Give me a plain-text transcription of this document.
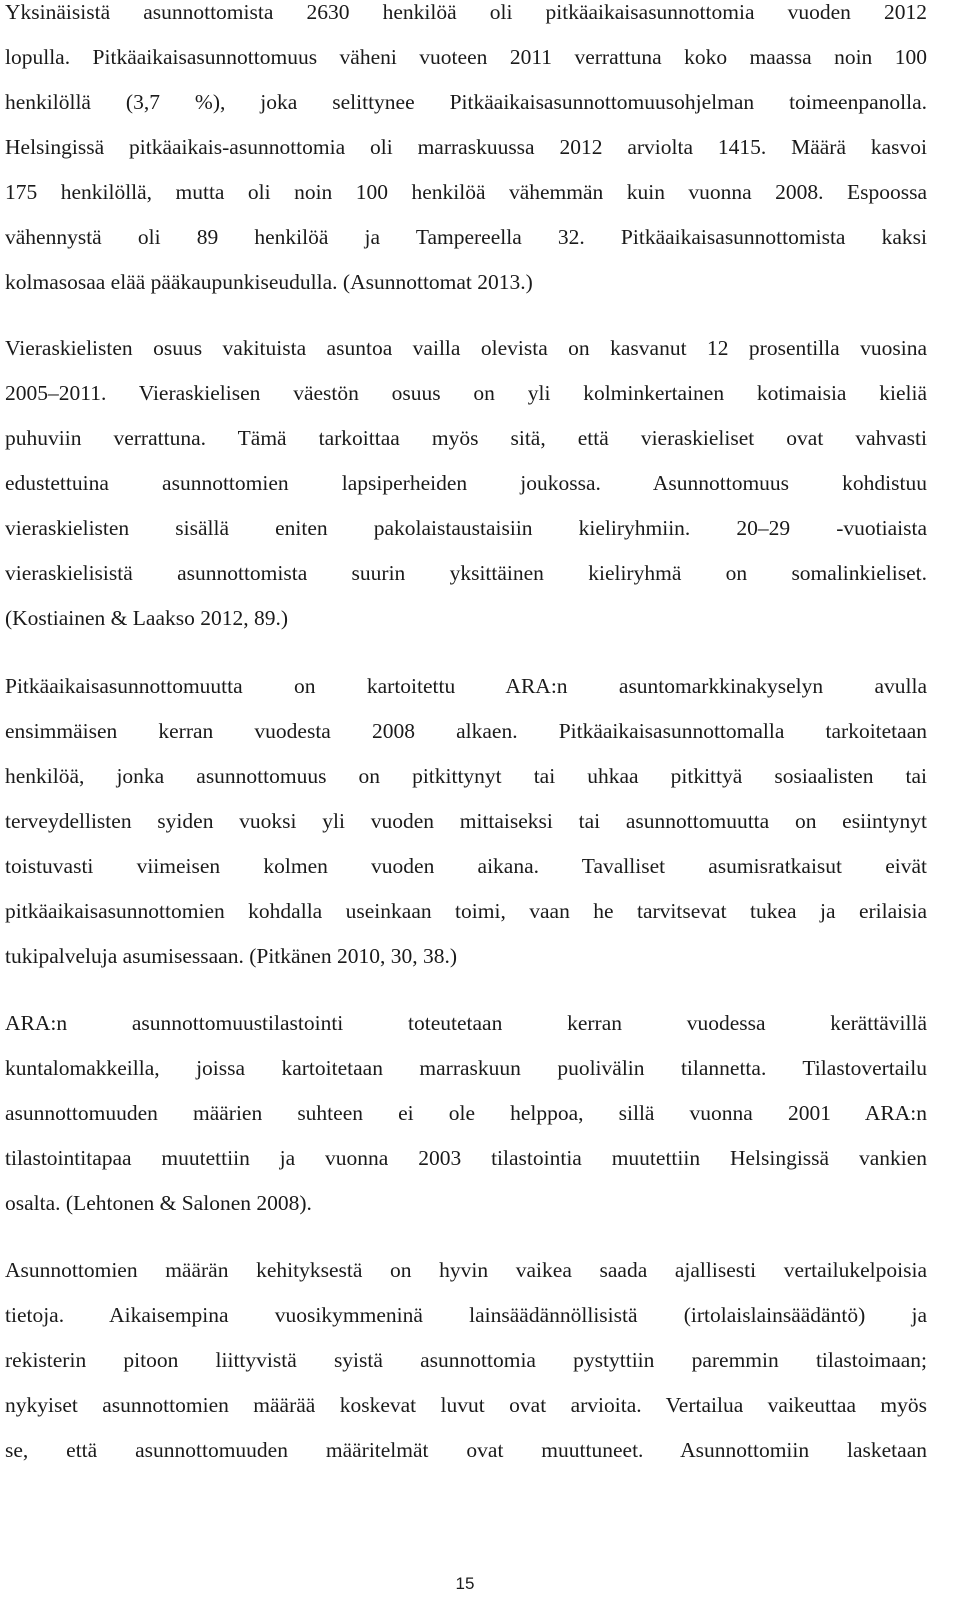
Yksinäisistä asunnottomista 2630 henkilöä oli pitkäaikaisasunnottomia vuoden 2012
lopulla. Pitkäaikaisasunnottomuus väheni vuoteen 2011 verrattuna koko maassa noin 100
henkilöllä (3,7 %), joka selittynee Pitkäaikaisasunnottomuusohjelman toimeenpanolla.
Helsingissä pitkäaikais-asunnottomia oli marraskuussa 2012 arviolta 1415. Määrä kasvoi
175 henkilöllä, mutta oli noin 100 henkilöä vähemmän kuin vuonna 2008. Espoossa
vähennystä oli 89 henkilöä ja Tampereella 32. Pitkäaikaisasunnottomista kaksi
kolmasosaa elää pääkaupunkiseudulla. (Asunnottomat 2013.)
Vieraskielisten osuus vakituista asuntoa vailla olevista on kasvanut 12 prosentilla vuosina
2005–2011. Vieraskielisen väestön osuus on yli kolminkertainen kotimaisia kieliä
puhuviin verrattuna. Tämä tarkoittaa myös sitä, että vieraskieliset ovat vahvasti
edustettuina asunnottomien lapsiperheiden joukossa. Asunnottomuus kohdistuu
vieraskielisten sisällä eniten pakolaistaustaisiin kieliryhmiin. 20–29 -vuotiaista
vieraskielisistä asunnottomista suurin yksittäinen kieliryhmä on somalinkieliset.
(Kostiainen & Laakso 2012, 89.)
Pitkäaikaisasunnottomuutta on kartoitettu ARA:n asuntomarkkinakyselyn avulla
ensimmäisen kerran vuodesta 2008 alkaen. Pitkäaikaisasunnottomalla tarkoitetaan
henkilöä, jonka asunnottomuus on pitkittynyt tai uhkaa pitkittyä sosiaalisten tai
terveydellisten syiden vuoksi yli vuoden mittaiseksi tai asunnottomuutta on esiintynyt
toistuvasti viimeisen kolmen vuoden aikana. Tavalliset asumisratkaisut eivät
pitkäaikaisasunnottomien kohdalla useinkaan toimi, vaan he tarvitsevat tukea ja erilaisia
tukipalveluja asumisessaan. (Pitkänen 2010, 30, 38.)
ARA:n asunnottomuustilastointi toteutetaan kerran vuodessa kerättävillä
kuntalomakkeilla, joissa kartoitetaan marraskuun puolivälin tilannetta. Tilastovertailu
asunnottomuuden määrien suhteen ei ole helppoa, sillä vuonna 2001 ARA:n
tilastointitapaa muutettiin ja vuonna 2003 tilastointia muutettiin Helsingissä vankien
osalta. (Lehtonen & Salonen 2008).
Asunnottomien määrän kehityksestä on hyvin vaikea saada ajallisesti vertailukelpoisia
tietoja. Aikaisempina vuosikymmeninä lainsäädännöllisistä (irtolaislainsäädäntö) ja
rekisterin pitoon liittyvistä syistä asunnottomia pystyttiin paremmin tilastoimaan;
nykyiset asunnottomien määrää koskevat luvut ovat arvioita. Vertailua vaikeuttaa myös
se, että asunnottomuuden määritelmät ovat muuttuneet. Asunnottomiin lasketaan
15
